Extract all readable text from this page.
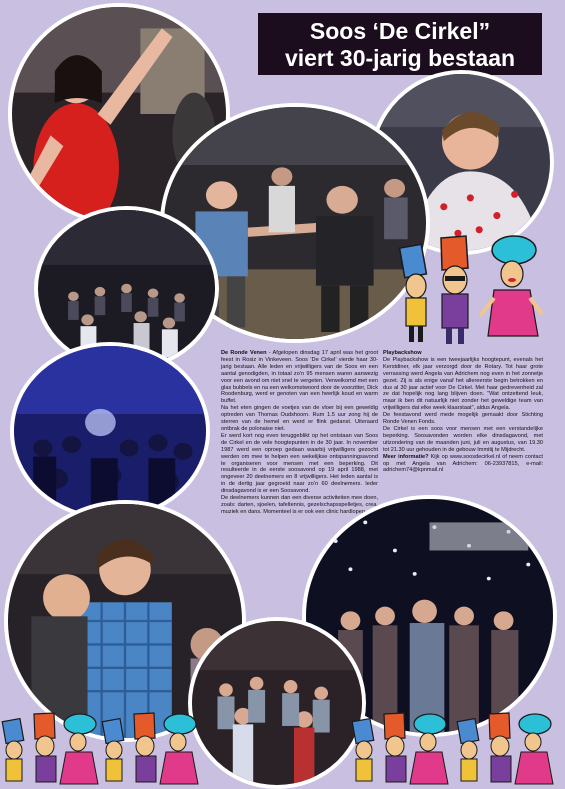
Soos ‘De Cirkel”
viert 30-jarig bestaan

De Ronde Venen - Afgelopen dinsdag 17 april was het groot feest in Rosiz in Vinkeveen. Soos ‘De Cirkel’ vierde haar 30-jarig bestaan. Alle leden en vrijwilligers van de Soos en een aantal genodigden, in totaal zo’n 95 mensen waren aanwezig voor een avond om niet snel te vergeten. Verwelkomd met een glas bubbels en na een welkomstwoord door de voorzitter, Dick Roodenburg, werd er genoten van een heerlijk koud en warm buffet.

Na het eten gingen de voetjes van de vloer bij een geweldig optreden van Thomas Oudshoorn. Rum 1.5 uur zong hij de sterren van de hemel en werd er flink gedanst. Uiteraard ontbrak de polonaise niet.

Er werd kort nog even teruggeblikt op het ontstaan van Soos de Cirkel en de vele hoogtepunten in de 30 jaar. In november 1987 werd een oproep gedaan waarbij vrijwilligers gezocht werden om mee te helpen een wekelijkse ontspanningsavond te organiseren voor mensen met een beperking. Dit resulteerde in de eerste soosavond op 19 april 1988, met ongeveer 20 deelnemers en 8 vrijwilligers. Het leden aantal is in de dertig jaar gegroeid naar zo’n 60 deelnemers. Ieder dinsdagavond is er een Soosavond.

De deelnemers kunnen dan een diverse activiteiten mee doen, zoals: darten, sjoelen, tafeltennis, gezelschapsspelletjes, crea, muziek en dans. Momenteel is er ook een clinic hardlopen.

Playbackshow

De Playbackshow is een tweejaarlijks hoogtepunt, evenals het Kerstdiner, elk jaar verzorgd door de Rotary. Tot haar grote verrassing werd Angela van Adrichem nog even in het zonnetje gezet. Zij is als enige vanaf het allereerste begin betrokken en dus al 30 jaar actief voor De Cirkel. Met haar gedrevenheid zal ze dat hopelijk nog lang blijven doen. “Wat ontzettend leuk, maar ik ben dit natuurlijk niet zonder het geweldige team van vrijwilligers dat elke week klaarstaat”, aldus Angela.

De feestavond werd mede mogelijk gemaakt door Stichting Ronde Venen Fonds.

De Cirkel is een soos voor mensen met een verstandelijke beperking. Soosavonden worden elke dinsdagavond, met uitzondering van de maanden juni, juli en augustus, van 19.30 tot 21.30 uur gehouden in de gebouw Immitij te Mijdrecht.

Meer informatie? Kijk op www.soosdecirkel.nl of neem contact op met Angela van Adrichem: 06-23937815, e-mail: adrichem74@kpnmail.nl
